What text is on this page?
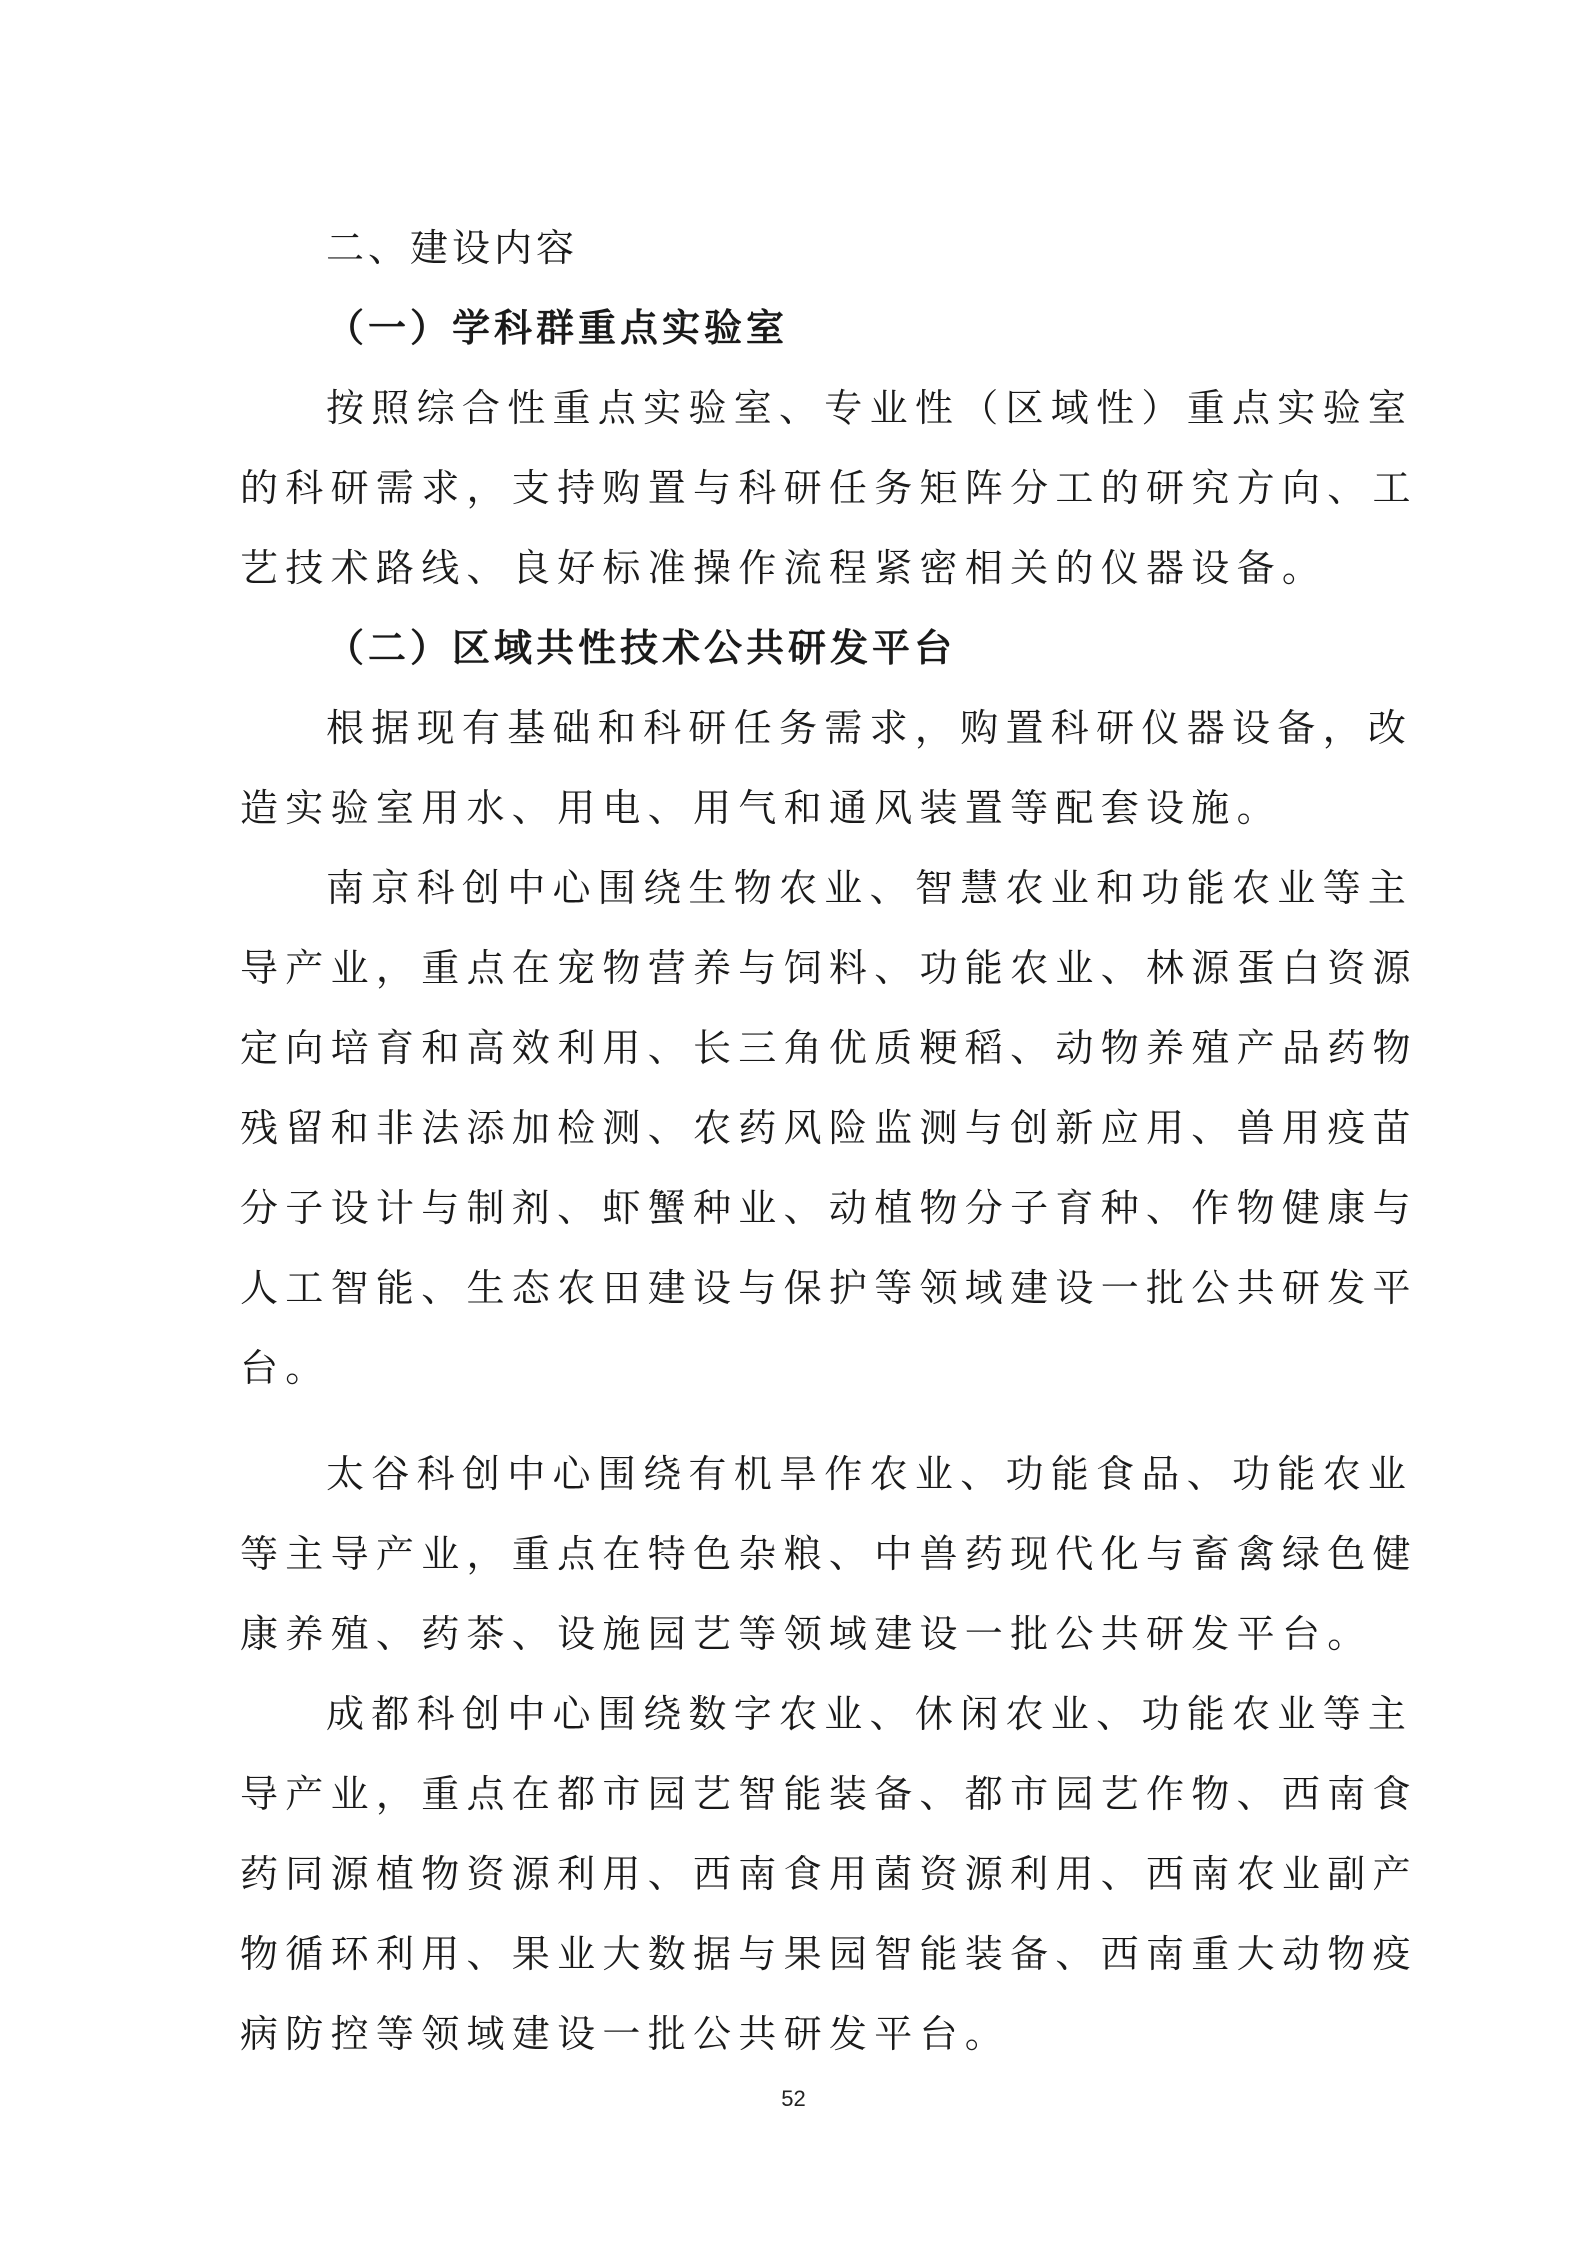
二、建设内容
（一）学科群重点实验室
按照综合性重点实验室、专业性（区域性）重点实验室
的科研需求，支持购置与科研任务矩阵分工的研究方向、工
艺技术路线、良好标准操作流程紧密相关的仪器设备。
（二）区域共性技术公共研发平台
根据现有基础和科研任务需求，购置科研仪器设备，改
造实验室用水、用电、用气和通风装置等配套设施。
南京科创中心围绕生物农业、智慧农业和功能农业等主
导产业，重点在宠物营养与饲料、功能农业、林源蛋白资源
定向培育和高效利用、长三角优质粳稻、动物养殖产品药物
残留和非法添加检测、农药风险监测与创新应用、兽用疫苗
分子设计与制剂、虾蟹种业、动植物分子育种、作物健康与
人工智能、生态农田建设与保护等领域建设一批公共研发平
台。
太谷科创中心围绕有机旱作农业、功能食品、功能农业
等主导产业，重点在特色杂粮、中兽药现代化与畜禽绿色健
康养殖、药茶、设施园艺等领域建设一批公共研发平台。
成都科创中心围绕数字农业、休闲农业、功能农业等主
导产业，重点在都市园艺智能装备、都市园艺作物、西南食
药同源植物资源利用、西南食用菌资源利用、西南农业副产
物循环利用、果业大数据与果园智能装备、西南重大动物疫
病防控等领域建设一批公共研发平台。
52
